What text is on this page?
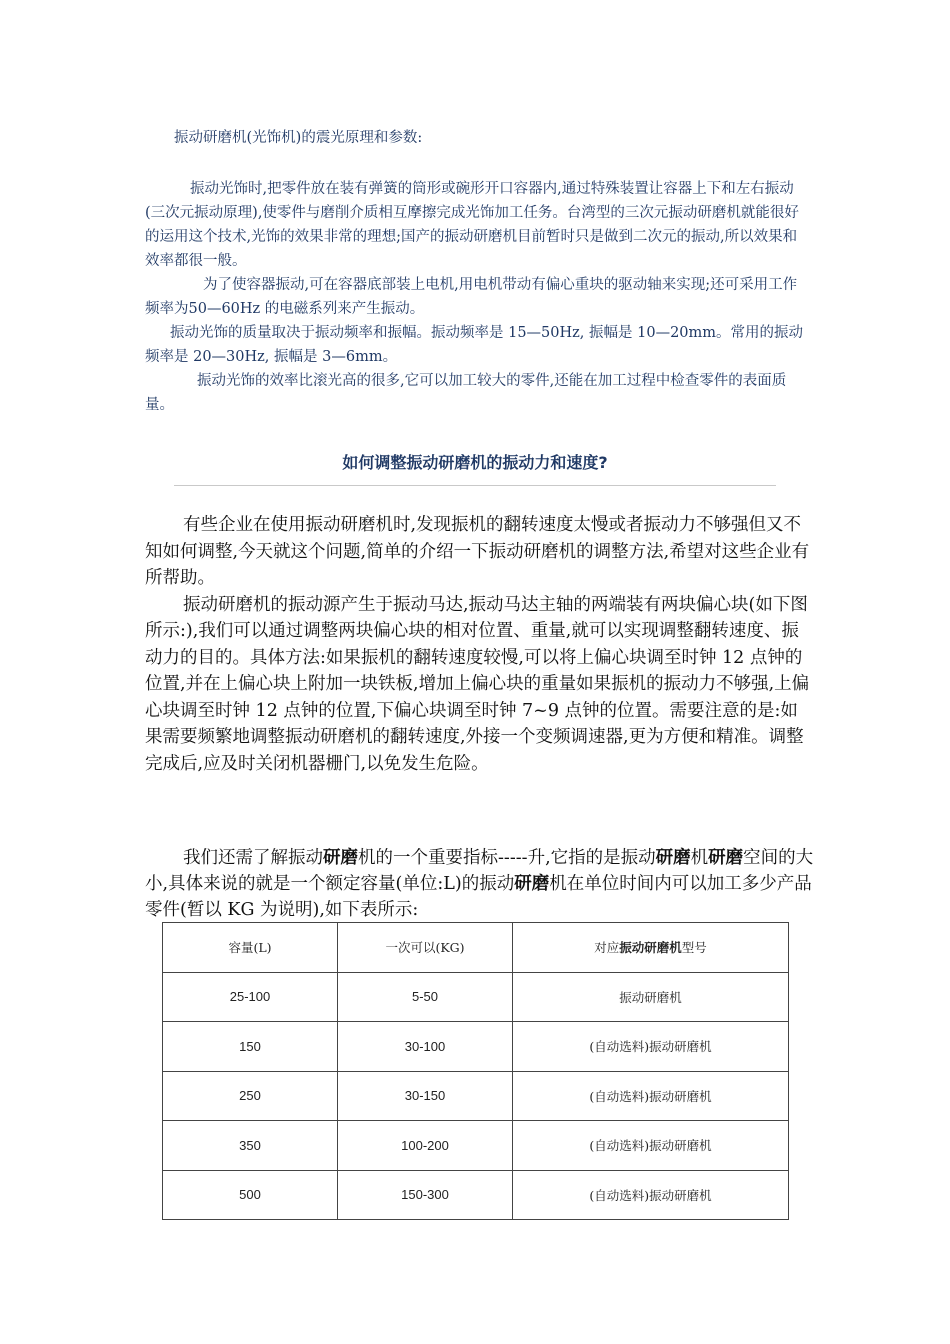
振动研磨机(光饰机)的震光原理和参数:

振动光饰时,把零件放在装有弹簧的筒形或碗形开口容器内,通过特殊装置让容器上下和左右振动(三次元振动原理),使零件与磨削介质相互摩擦完成光饰加工任务。台湾型的三次元振动研磨机就能很好的运用这个技术,光饰的效果非常的理想;国产的振动研磨机目前暂时只是做到二次元的振动,所以效果和效率都很一般。

为了使容器振动,可在容器底部装上电机,用电机带动有偏心重块的驱动轴来实现;还可采用工作频率为50—60Hz 的电磁系列来产生振动。

振动光饰的质量取决于振动频率和振幅。振动频率是 15—50Hz, 振幅是 10—20mm。常用的振动频率是 20—30Hz, 振幅是 3—6mm。

振动光饰的效率比滚光高的很多,它可以加工较大的零件,还能在加工过程中检查零件的表面质量。

如何调整振动研磨机的振动力和速度?

有些企业在使用振动研磨机时,发现振机的翻转速度太慢或者振动力不够强但又不知如何调整,今天就这个问题,简单的介绍一下振动研磨机的调整方法,希望对这些企业有所帮助。

振动研磨机的振动源产生于振动马达,振动马达主轴的两端装有两块偏心块(如下图所示:),我们可以通过调整两块偏心块的相对位置、重量,就可以实现调整翻转速度、振动力的目的。具体方法:如果振机的翻转速度较慢,可以将上偏心块调至时钟 12 点钟的位置,并在上偏心块上附加一块铁板,增加上偏心块的重量如果振机的振动力不够强,上偏心块调至时钟 12 点钟的位置,下偏心块调至时钟 7~9 点钟的位置。需要注意的是:如果需要频繁地调整振动研磨机的翻转速度,外接一个变频调速器,更为方便和精准。调整完成后,应及时关闭机器栅门,以免发生危险。

我们还需了解振动研磨机的一个重要指标-----升,它指的是振动研磨机研磨空间的大小,具体来说的就是一个额定容量(单位:L)的振动研磨机在单位时间内可以加工多少产品零件(暂以 KG 为说明),如下表所示:
容量(L)	一次可以(KG)	对应振动研磨机型号
25-100	5-50	振动研磨机
150	30-100	(自动选料)振动研磨机
250	30-150	(自动选料)振动研磨机
350	100-200	(自动选料)振动研磨机
500	150-300	(自动选料)振动研磨机
